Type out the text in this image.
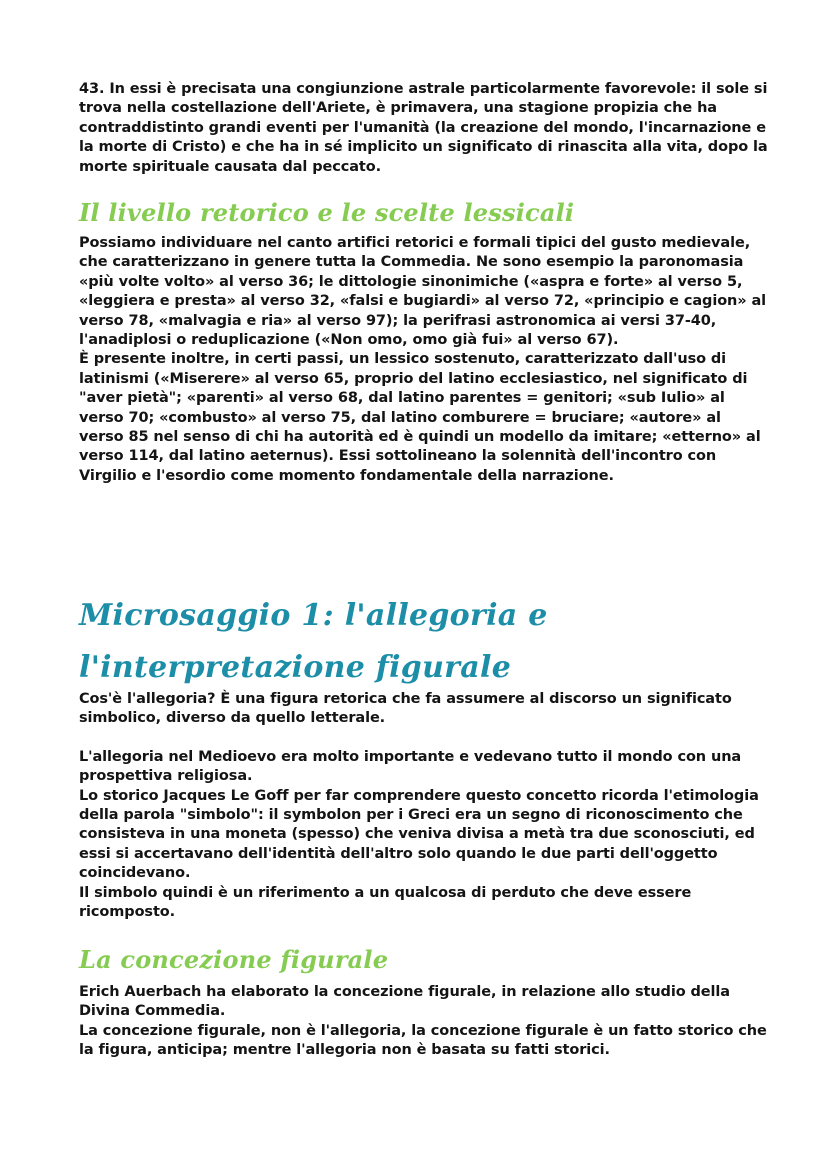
43. In essi è precisata una congiunzione astrale particolarmente favorevole: il sole si trova nella costellazione dell'Ariete, è primavera, una stagione propizia che ha contraddistinto grandi eventi per l'umanità (la creazione del mondo, l'incarnazione e la morte di Cristo) e che ha in sé implicito un significato di rinascita alla vita, dopo la morte spirituale causata dal peccato.

Il livello retorico e le scelte lessicali

Possiamo individuare nel canto artifici retorici e formali tipici del gusto medievale, che caratterizzano in genere tutta la Commedia. Ne sono esempio la paronomasia «più volte volto» al verso 36; le dittologie sinonimiche («aspra e forte» al verso 5, «leggiera e presta» al verso 32, «falsi e bugiardi» al verso 72, «principio e cagion» al verso 78, «malvagia e ria» al verso 97); la perifrasi astronomica ai versi 37-40, l'anadiplosi o reduplicazione («Non omo, omo già fui» al verso 67).

È presente inoltre, in certi passi, un lessico sostenuto, caratterizzato dall'uso di latinismi («Miserere» al verso 65, proprio del latino ecclesiastico, nel significato di "aver pietà"; «parenti» al verso 68, dal latino parentes = genitori; «sub Iulio» al verso 70; «combusto» al verso 75, dal latino comburere = bruciare; «autore» al verso 85 nel senso di chi ha autorità ed è quindi un modello da imitare; «etterno» al verso 114, dal latino aeternus). Essi sottolineano la solennità dell'incontro con Virgilio e l'esordio come momento fondamentale della narrazione.

Microsaggio 1: l'allegoria e l'interpretazione figurale

Cos'è l'allegoria? È una figura retorica che fa assumere al discorso un significato simbolico, diverso da quello letterale.

L'allegoria nel Medioevo era molto importante e vedevano tutto il mondo con una prospettiva religiosa.

Lo storico Jacques Le Goff per far comprendere questo concetto ricorda l'etimologia della parola "simbolo": il symbolon per i Greci era un segno di riconoscimento che consisteva in una moneta (spesso) che veniva divisa a metà tra due sconosciuti, ed essi si accertavano dell'identità dell'altro solo quando le due parti dell'oggetto coincidevano.

Il simbolo quindi è un riferimento a un qualcosa di perduto che deve essere ricomposto.

La concezione figurale

Erich Auerbach ha elaborato la concezione figurale, in relazione allo studio della Divina Commedia.

La concezione figurale, non è l'allegoria, la concezione figurale è un fatto storico che la figura, anticipa; mentre l'allegoria non è basata su fatti storici.
